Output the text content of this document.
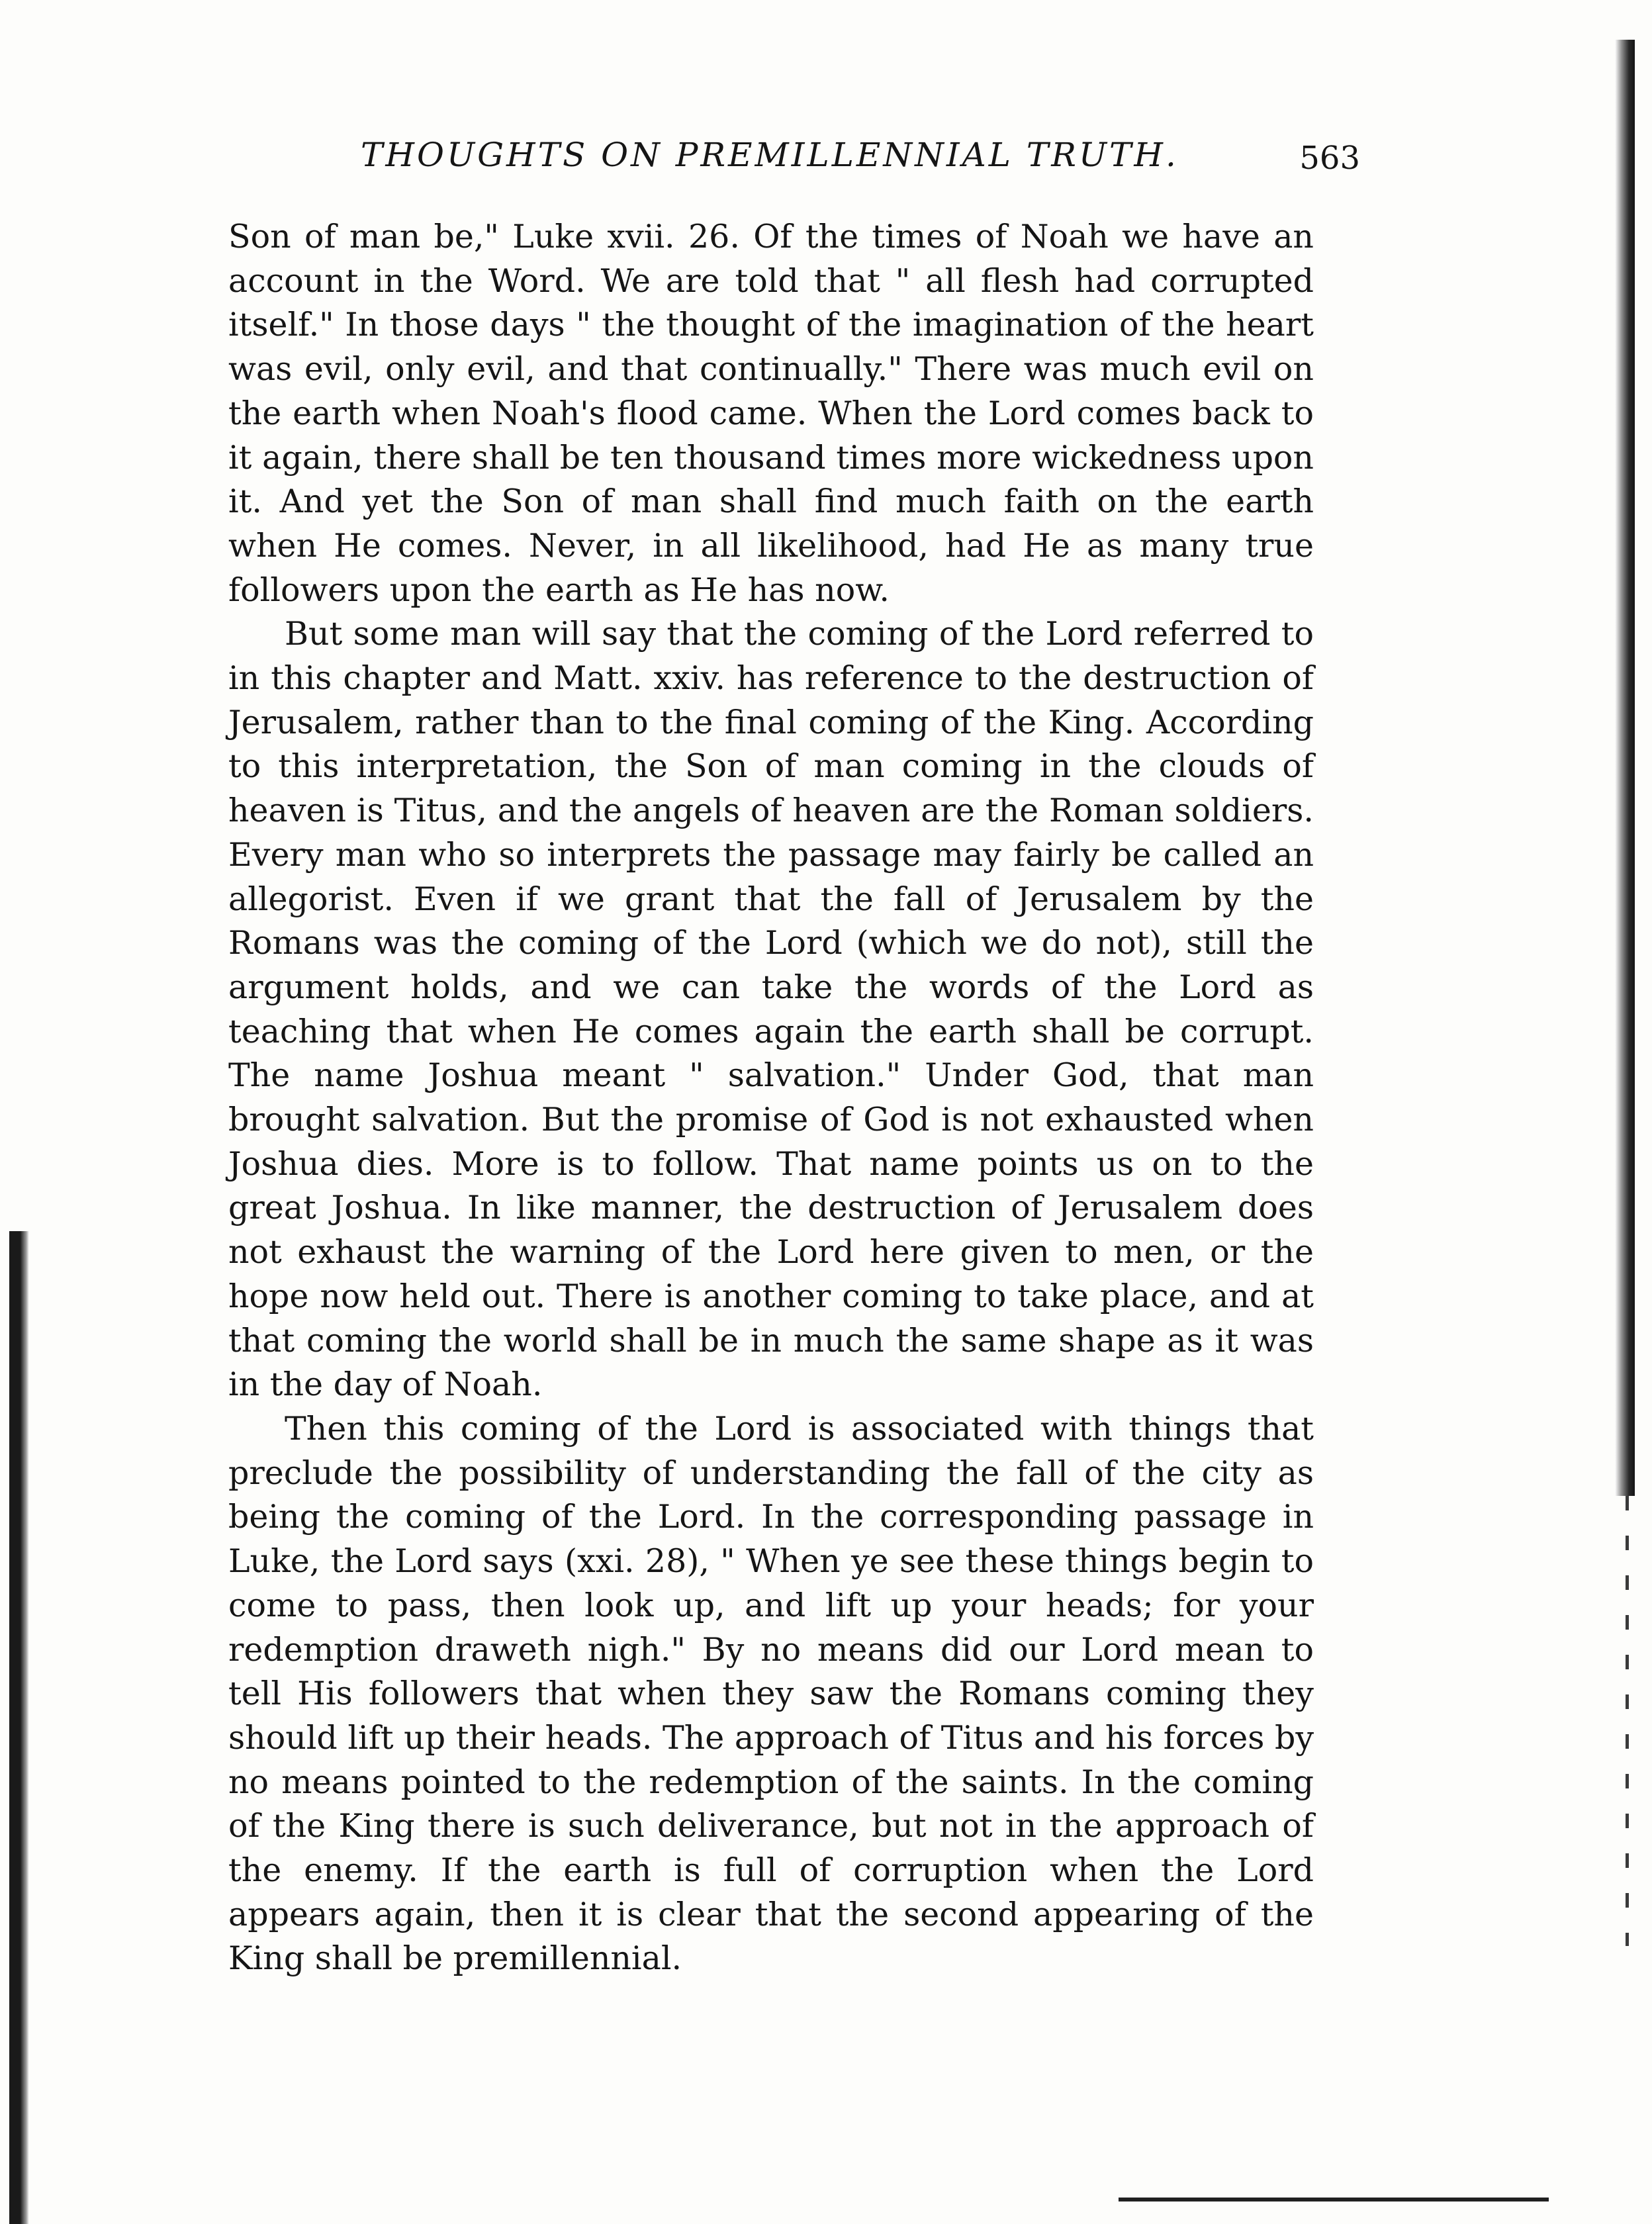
THOUGHTS ON PREMILLENNIAL TRUTH.	563

Son of man be," Luke xvii. 26. Of the times of Noah we have an account in the Word. We are told that " all flesh had corrupted itself." In those days " the thought of the imagination of the heart was evil, only evil, and that continually." There was much evil on the earth when Noah's flood came. When the Lord comes back to it again, there shall be ten thousand times more wickedness upon it. And yet the Son of man shall find much faith on the earth when He comes. Never, in all likelihood, had He as many true followers upon the earth as He has now.

But some man will say that the coming of the Lord referred to in this chapter and Matt. xxiv. has reference to the destruction of Jerusalem, rather than to the final coming of the King. According to this interpretation, the Son of man coming in the clouds of heaven is Titus, and the angels of heaven are the Roman soldiers. Every man who so interprets the passage may fairly be called an allegorist. Even if we grant that the fall of Jerusalem by the Romans was the coming of the Lord (which we do not), still the argument holds, and we can take the words of the Lord as teaching that when He comes again the earth shall be corrupt. The name Joshua meant " salvation." Under God, that man brought salvation. But the promise of God is not exhausted when Joshua dies. More is to follow. That name points us on to the great Joshua. In like manner, the destruction of Jerusalem does not exhaust the warning of the Lord here given to men, or the hope now held out. There is another coming to take place, and at that coming the world shall be in much the same shape as it was in the day of Noah.

Then this coming of the Lord is associated with things that preclude the possibility of understanding the fall of the city as being the coming of the Lord. In the corresponding passage in Luke, the Lord says (xxi. 28), " When ye see these things begin to come to pass, then look up, and lift up your heads; for your redemption draweth nigh." By no means did our Lord mean to tell His followers that when they saw the Romans coming they should lift up their heads. The approach of Titus and his forces by no means pointed to the redemption of the saints. In the coming of the King there is such deliverance, but not in the approach of the enemy. If the earth is full of corruption when the Lord appears again, then it is clear that the second appearing of the King shall be premillennial.
